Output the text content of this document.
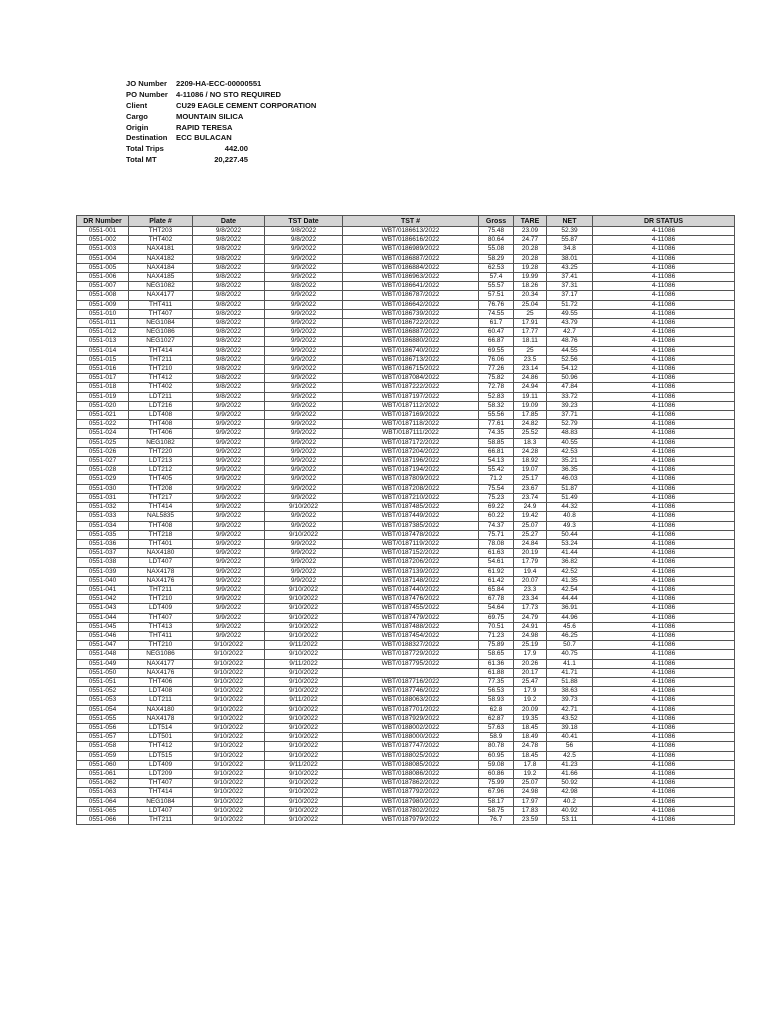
JO Number	2209-HA-ECC-00000551
PO Number	4-11086 / NO STO REQUIRED
Client	CU29 EAGLE CEMENT CORPORATION
Cargo	MOUNTAIN SILICA
Origin	RAPID TERESA
Destination	ECC BULACAN
Total Trips	442.00
Total MT	20,227.45
DR Number	Plate #	Date	TST Date	TST #	Gross	TARE	NET	DR STATUS
0551-001	THT203	9/8/2022	9/8/2022	WBT/0186613/2022	75.48	23.09	52.39	4-11086
0551-002	THT402	9/8/2022	9/8/2022	WBT/0186616/2022	80.64	24.77	55.87	4-11086
0551-003	NAX4181	9/8/2022	9/9/2022	WBT/0186989/2022	55.08	20.28	34.8	4-11086
0551-004	NAX4182	9/8/2022	9/9/2022	WBT/0186887/2022	58.29	20.28	38.01	4-11086
0551-005	NAX4184	9/8/2022	9/9/2022	WBT/0186884/2022	62.53	19.28	43.25	4-11086
0551-006	NAX4185	9/8/2022	9/9/2022	WBT/0186963/2022	57.4	19.99	37.41	4-11086
0551-007	NEG1082	9/8/2022	9/8/2022	WBT/0186641/2022	55.57	18.26	37.31	4-11086
0551-008	NAX4177	9/8/2022	9/9/2022	WBT/0186787/2022	57.51	20.34	37.17	4-11086
0551-009	THT411	9/8/2022	9/9/2022	WBT/0186642/2022	76.76	25.04	51.72	4-11086
0551-010	THT407	9/8/2022	9/9/2022	WBT/0186739/2022	74.55	25	49.55	4-11086
0551-011	NEG1084	9/8/2022	9/9/2022	WBT/0186722/2022	61.7	17.91	43.79	4-11086
0551-012	NEG1086	9/8/2022	9/9/2022	WBT/0186887/2022	60.47	17.77	42.7	4-11086
0551-013	NEG1027	9/8/2022	9/9/2022	WBT/0186880/2022	66.87	18.11	48.76	4-11086
0551-014	THT414	9/8/2022	9/9/2022	WBT/0186740/2022	69.55	25	44.55	4-11086
0551-015	THT211	9/8/2022	9/9/2022	WBT/0186713/2022	76.06	23.5	52.56	4-11086
0551-016	THT210	9/8/2022	9/9/2022	WBT/0186715/2022	77.26	23.14	54.12	4-11086
0551-017	THT412	9/8/2022	9/9/2022	WBT/0187084/2022	75.82	24.86	50.96	4-11086
0551-018	THT402	9/8/2022	9/9/2022	WBT/0187222/2022	72.78	24.94	47.84	4-11086
0551-019	LDT211	9/8/2022	9/9/2022	WBT/0187197/2022	52.83	19.11	33.72	4-11086
0551-020	LDT216	9/9/2022	9/9/2022	WBT/0187112/2022	58.32	19.09	39.23	4-11086
0551-021	LDT408	9/9/2022	9/9/2022	WBT/0187169/2022	55.56	17.85	37.71	4-11086
0551-022	THT408	9/9/2022	9/9/2022	WBT/0187118/2022	77.61	24.82	52.79	4-11086
0551-024	THT406	9/9/2022	9/9/2022	WBT/0187111/2022	74.35	25.52	48.83	4-11086
0551-025	NEG1082	9/9/2022	9/9/2022	WBT/0187172/2022	58.85	18.3	40.55	4-11086
0551-026	THT220	9/9/2022	9/9/2022	WBT/0187204/2022	66.81	24.28	42.53	4-11086
0551-027	LDT213	9/9/2022	9/9/2022	WBT/0187196/2022	54.13	18.92	35.21	4-11086
0551-028	LDT212	9/9/2022	9/9/2022	WBT/0187194/2022	55.42	19.07	36.35	4-11086
0551-029	THT405	9/9/2022	9/9/2022	WBT/0187809/2022	71.2	25.17	46.03	4-11086
0551-030	THT208	9/9/2022	9/9/2022	WBT/0187208/2022	75.54	23.67	51.87	4-11086
0551-031	THT217	9/9/2022	9/9/2022	WBT/0187210/2022	75.23	23.74	51.49	4-11086
0551-032	THT414	9/9/2022	9/10/2022	WBT/0187485/2022	69.22	24.9	44.32	4-11086
0551-033	NAL5835	9/9/2022	9/9/2022	WBT/0187449/2022	60.22	19.42	40.8	4-11086
0551-034	THT408	9/9/2022	9/9/2022	WBT/0187385/2022	74.37	25.07	49.3	4-11086
0551-035	THT218	9/9/2022	9/10/2022	WBT/0187478/2022	75.71	25.27	50.44	4-11086
0551-036	THT401	9/9/2022	9/9/2022	WBT/0187119/2022	78.08	24.84	53.24	4-11086
0551-037	NAX4180	9/9/2022	9/9/2022	WBT/0187152/2022	61.63	20.19	41.44	4-11086
0551-038	LDT407	9/9/2022	9/9/2022	WBT/0187206/2022	54.61	17.79	36.82	4-11086
0551-039	NAX4178	9/9/2022	9/9/2022	WBT/0187139/2022	61.92	19.4	42.52	4-11086
0551-040	NAX4176	9/9/2022	9/9/2022	WBT/0187148/2022	61.42	20.07	41.35	4-11086
0551-041	THT211	9/9/2022	9/10/2022	WBT/0187440/2022	65.84	23.3	42.54	4-11086
0551-042	THT210	9/9/2022	9/10/2022	WBT/0187476/2022	67.78	23.34	44.44	4-11086
0551-043	LDT409	9/9/2022	9/10/2022	WBT/0187455/2022	54.64	17.73	36.91	4-11086
0551-044	THT407	9/9/2022	9/10/2022	WBT/0187479/2022	69.75	24.79	44.96	4-11086
0551-045	THT413	9/9/2022	9/10/2022	WBT/0187488/2022	70.51	24.91	45.6	4-11086
0551-046	THT411	9/9/2022	9/10/2022	WBT/0187454/2022	71.23	24.98	46.25	4-11086
0551-047	THT210	9/10/2022	9/11/2022	WBT/0188327/2022	75.89	25.19	50.7	4-11086
0551-048	NEG1086	9/10/2022	9/10/2022	WBT/0187729/2022	58.65	17.9	40.75	4-11086
0551-049	NAX4177	9/10/2022	9/11/2022	WBT/0187795/2022	61.36	20.26	41.1	4-11086
0551-050	NAX4176	9/10/2022	9/10/2022		61.88	20.17	41.71	4-11086
0551-051	THT406	9/10/2022	9/10/2022	WBT/0187716/2022	77.35	25.47	51.88	4-11086
0551-052	LDT408	9/10/2022	9/10/2022	WBT/0187746/2022	56.53	17.9	38.63	4-11086
0551-053	LDT211	9/10/2022	9/11/2022	WBT/0188063/2022	58.93	19.2	39.73	4-11086
0551-054	NAX4180	9/10/2022	9/10/2022	WBT/0187701/2022	62.8	20.09	42.71	4-11086
0551-055	NAX4178	9/10/2022	9/10/2022	WBT/0187929/2022	62.87	19.35	43.52	4-11086
0551-056	LDT514	9/10/2022	9/10/2022	WBT/0188002/2022	57.63	18.45	39.18	4-11086
0551-057	LDT501	9/10/2022	9/10/2022	WBT/0188000/2022	58.9	18.49	40.41	4-11086
0551-058	THT412	9/10/2022	9/10/2022	WBT/0187747/2022	80.78	24.78	56	4-11086
0551-059	LDT515	9/10/2022	9/10/2022	WBT/0188025/2022	60.95	18.45	42.5	4-11086
0551-060	LDT409	9/10/2022	9/11/2022	WBT/0188085/2022	59.08	17.8	41.23	4-11086
0551-061	LDT209	9/10/2022	9/10/2022	WBT/0188086/2022	60.86	19.2	41.66	4-11086
0551-062	THT407	9/10/2022	9/10/2022	WBT/0187862/2022	75.99	25.07	50.92	4-11086
0551-063	THT414	9/10/2022	9/10/2022	WBT/0187792/2022	67.96	24.98	42.98	4-11086
0551-064	NEG1084	9/10/2022	9/10/2022	WBT/0187980/2022	58.17	17.97	40.2	4-11086
0551-065	LDT407	9/10/2022	9/10/2022	WBT/0187802/2022	58.75	17.83	40.92	4-11086
0551-066	THT211	9/10/2022	9/10/2022	WBT/0187979/2022	76.7	23.59	53.11	4-11086
